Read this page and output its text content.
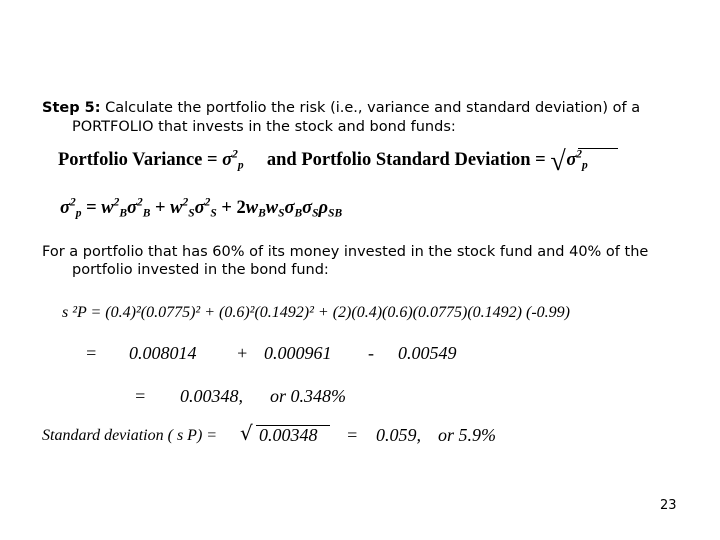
Step 5: Calculate the portfolio the risk (i.e., variance and standard deviation) of a
PORTFOLIO that invests in the stock and bond funds:
Portfolio Variance = $\sigma^2_p$ and Portfolio Standard Deviation = √ $\sigma^2_p$
$\sigma^2_p = w^2_B\sigma^2_B + w^2_S\sigma^2_S + 2w_Bw_S\sigma_B\sigma_S\rho_{SB}$
For a portfolio that has 60% of its money invested in the stock fund and 40% of the
portfolio invested in the bond fund:
s ²P = (0.4)²(0.0775)² + (0.6)²(0.1492)² + (2)(0.4)(0.6)(0.0775)(0.1492) (-0.99)
= 0.008014 + 0.000961 - 0.00549
= 0.00348, or 0.348%
Standard deviation ( s P) = √ 0.00348 = 0.059, or 5.9%
23
